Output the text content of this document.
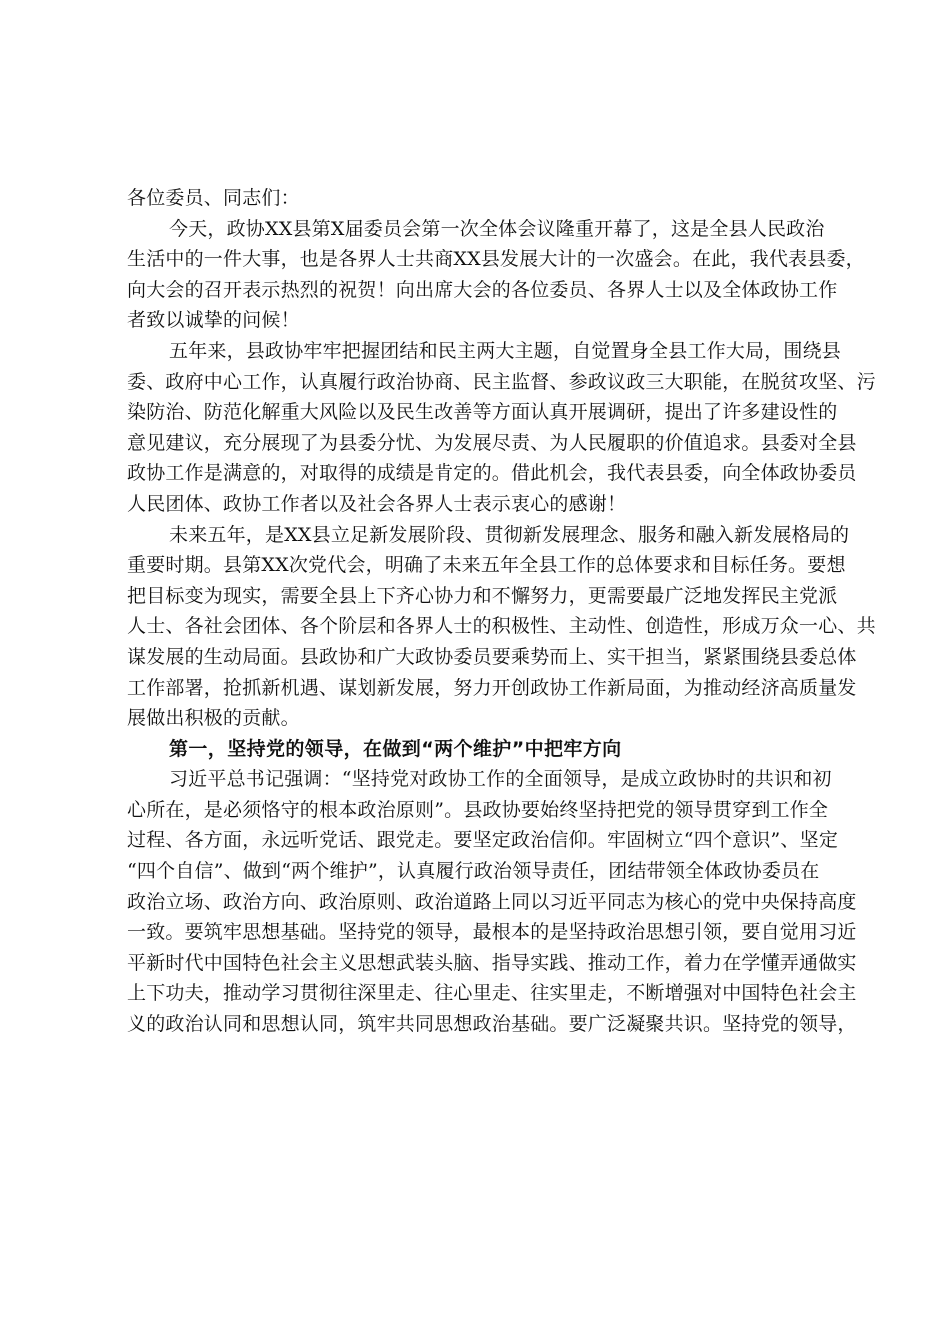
各位委员、同志们：
今天，政协XX县第X届委员会第一次全体会议隆重开幕了，这是全县人民政治
生活中的一件大事，也是各界人士共商XX县发展大计的一次盛会。在此，我代表县委，
向大会的召开表示热烈的祝贺！向出席大会的各位委员、各界人士以及全体政协工作
者致以诚挚的问候！
五年来，县政协牢牢把握团结和民主两大主题，自觉置身全县工作大局，围绕县
委、政府中心工作，认真履行政治协商、民主监督、参政议政三大职能，在脱贫攻坚、污
染防治、防范化解重大风险以及民生改善等方面认真开展调研，提出了许多建设性的
意见建议，充分展现了为县委分忧、为发展尽责、为人民履职的价值追求。县委对全县
政协工作是满意的，对取得的成绩是肯定的。借此机会，我代表县委，向全体政协委员
人民团体、政协工作者以及社会各界人士表示衷心的感谢！
未来五年，是XX县立足新发展阶段、贯彻新发展理念、服务和融入新发展格局的
重要时期。县第XX次党代会，明确了未来五年全县工作的总体要求和目标任务。要想
把目标变为现实，需要全县上下齐心协力和不懈努力，更需要最广泛地发挥民主党派
人士、各社会团体、各个阶层和各界人士的积极性、主动性、创造性，形成万众一心、共
谋发展的生动局面。县政协和广大政协委员要乘势而上、实干担当，紧紧围绕县委总体
工作部署，抢抓新机遇、谋划新发展，努力开创政协工作新局面，为推动经济高质量发
展做出积极的贡献。
第一，坚持党的领导，在做到“两个维护”中把牢方向
习近平总书记强调：“坚持党对政协工作的全面领导，是成立政协时的共识和初
心所在，是必须恪守的根本政治原则”。县政协要始终坚持把党的领导贯穿到工作全
过程、各方面，永远听党话、跟党走。要坚定政治信仰。牢固树立“四个意识”、坚定
“四个自信”、做到“两个维护”，认真履行政治领导责任，团结带领全体政协委员在
政治立场、政治方向、政治原则、政治道路上同以习近平同志为核心的党中央保持高度
一致。要筑牢思想基础。坚持党的领导，最根本的是坚持政治思想引领，要自觉用习近
平新时代中国特色社会主义思想武装头脑、指导实践、推动工作，着力在学懂弄通做实
上下功夫，推动学习贯彻往深里走、往心里走、往实里走，不断增强对中国特色社会主
义的政治认同和思想认同，筑牢共同思想政治基础。要广泛凝聚共识。坚持党的领导，
